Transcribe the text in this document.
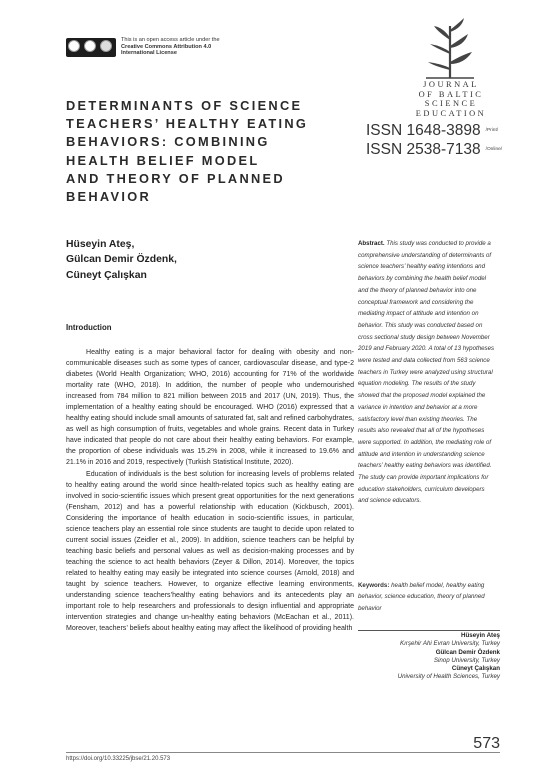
This is an open access article under the
Creative Commons Attribution 4.0
International License
JOURNAL
OF BALTIC
SCIENCE
EDUCATION
DETERMINANTS OF SCIENCE
TEACHERS’ HEALTHY EATING
BEHAVIORS: COMBINING
HEALTH BELIEF MODEL
AND THEORY OF PLANNED
BEHAVIOR
ISSN 1648-3898 /Print/
ISSN 2538-7138 /Online/
Hüseyin Ateş,
Gülcan Demir Özdenk,
Cüneyt Çalışkan
Introduction

Healthy eating is a major behavioral factor for dealing with obesity and non-communicable diseases such as some types of cancer, cardiovascular disease, and type-2 diabetes (World Health Organization; WHO, 2016) accounting for 71% of the worldwide mortality rate (WHO, 2018). In addition, the number of people who undernourished increased from 784 million to 821 million between 2015 and 2017 (UN, 2019). Thus, the implementation of a healthy eating should be encouraged. WHO (2016) expressed that a healthy eating should include small amounts of saturated fat, salt and refined carbohydrates, as well as high consumption of fruits, vegetables and whole grains. Recent data in Turkey have indicated that people do not care about their healthy eating behaviors. For example, the proportion of obese individuals was 15.2% in 2008, while it increased to 19.6% and 21.1% in 2016 and 2019, respectively (Turkish Statistical Institute, 2020).

Education of individuals is the best solution for increasing levels of problems related to healthy eating around the world since health-related topics such as healthy eating are involved in socio-scientific issues which present great opportunities for the next generations (Fensham, 2012) and has a powerful relationship with education (Kickbusch, 2001). Considering the importance of health education in socio-scientific issues, in particular, science teachers play an essential role since students are taught to decide upon related to current social issues (Zeidler et al., 2009). In addition, science teachers can be helpful by teaching basic beliefs and personal values as well as decision-making processes and by teaching the science to act health behaviors (Zeyer & Dillon, 2014). Moreover, the topics related to healthy eating may easily be integrated into science courses (Arnold, 2018) and taught by science teachers. However, to organize effective learning environments, understanding science teachers’healthy eating behaviors and its antecedents play an important role to help researchers and professionals to design influential and appropriate intervention strategies and change un-healthy eating behaviors (McEachan et al., 2011). Moreover, teachers’ beliefs about healthy eating may affect the likelihood of providing health

Abstract. This study was conducted to provide a comprehensive understanding of determinants of science teachers’ healthy eating intentions and behaviors by combining the health belief model and the theory of planned behavior into one conceptual framework and considering the mediating impact of attitude and intention on behavior. This study was conducted based on cross sectional study design between November 2019 and February 2020. A total of 13 hypotheses were tested and data collected from 563 science teachers in Turkey were analyzed using structural equation modeling. The results of the study showed that the proposed model explained the variance in intention and behavior at a more satisfactory level than existing theories. The results also revealed that all of the hypotheses were supported. In addition, the mediating role of attitude and intention in understanding science teachers’ healthy eating behaviors was identified. The study can provide important implications for education stakeholders, curriculum developers and science educators.
Keywords: health belief model, healthy eating behavior, science education, theory of planned behavior
Hüseyin Ateş
Kırşehir Ahi Evran University, Turkey
Gülcan Demir Özdenk
Sinop University, Turkey
Cüneyt Çalışkan
University of Health Sciences, Turkey
573
https://doi.org/10.33225/jbse/21.20.573
